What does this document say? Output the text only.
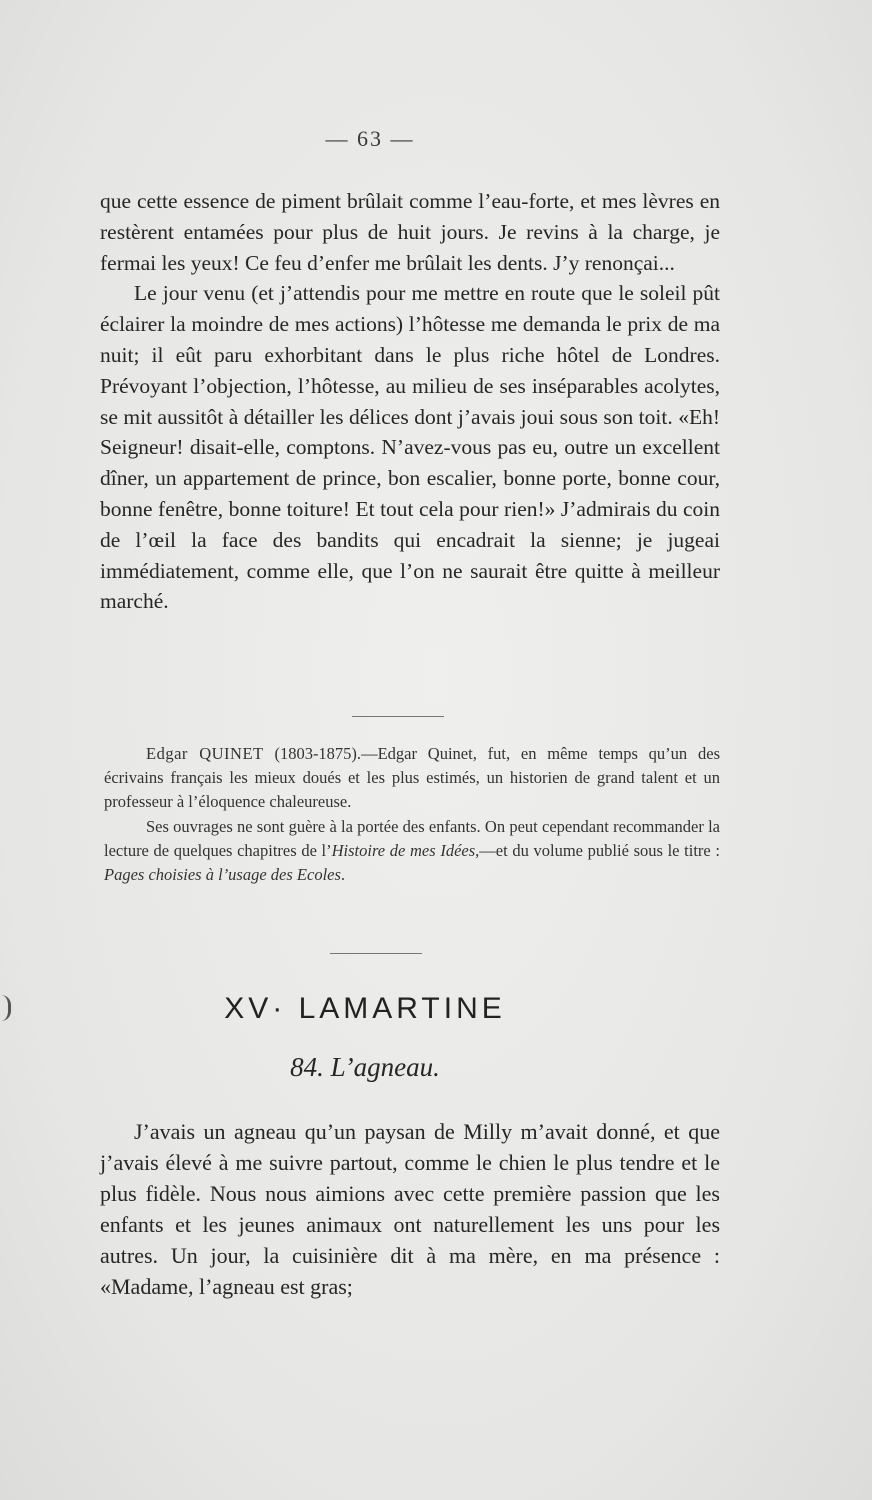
— 63 —

que cette essence de piment brûlait comme l’eau-forte, et mes lèvres en restèrent entamées pour plus de huit jours. Je revins à la charge, je fermai les yeux! Ce feu d’enfer me brûlait les dents. J’y renonçai...

Le jour venu (et j’attendis pour me mettre en route que le soleil pût éclairer la moindre de mes actions) l’hôtesse me demanda le prix de ma nuit; il eût paru exhorbitant dans le plus riche hôtel de Londres. Prévoyant l’objection, l’hôtesse, au milieu de ses inséparables acolytes, se mit aussitôt à détailler les délices dont j’avais joui sous son toit. «Eh! Seigneur! disait-elle, comptons. N’avez-vous pas eu, outre un excellent dîner, un appartement de prince, bon escalier, bonne porte, bonne cour, bonne fenêtre, bonne toiture! Et tout cela pour rien!» J’admirais du coin de l’œil la face des bandits qui encadrait la sienne; je jugeai immédiatement, comme elle, que l’on ne saurait être quitte à meilleur marché.

Edgar QUINET (1803-1875).—Edgar Quinet, fut, en même temps qu’un des écrivains français les mieux doués et les plus estimés, un historien de grand talent et un professeur à l’éloquence chaleureuse.

Ses ouvrages ne sont guère à la portée des enfants. On peut cependant recommander la lecture de quelques chapitres de l’Histoire de mes Idées,—et du volume publié sous le titre : Pages choisies à l’usage des Ecoles.

XV· LAMARTINE
84. L’agneau.

J’avais un agneau qu’un paysan de Milly m’avait donné, et que j’avais élevé à me suivre partout, comme le chien le plus tendre et le plus fidèle. Nous nous aimions avec cette première passion que les enfants et les jeunes animaux ont naturellement les uns pour les autres. Un jour, la cuisinière dit à ma mère, en ma présence : «Madame, l’agneau est gras;
